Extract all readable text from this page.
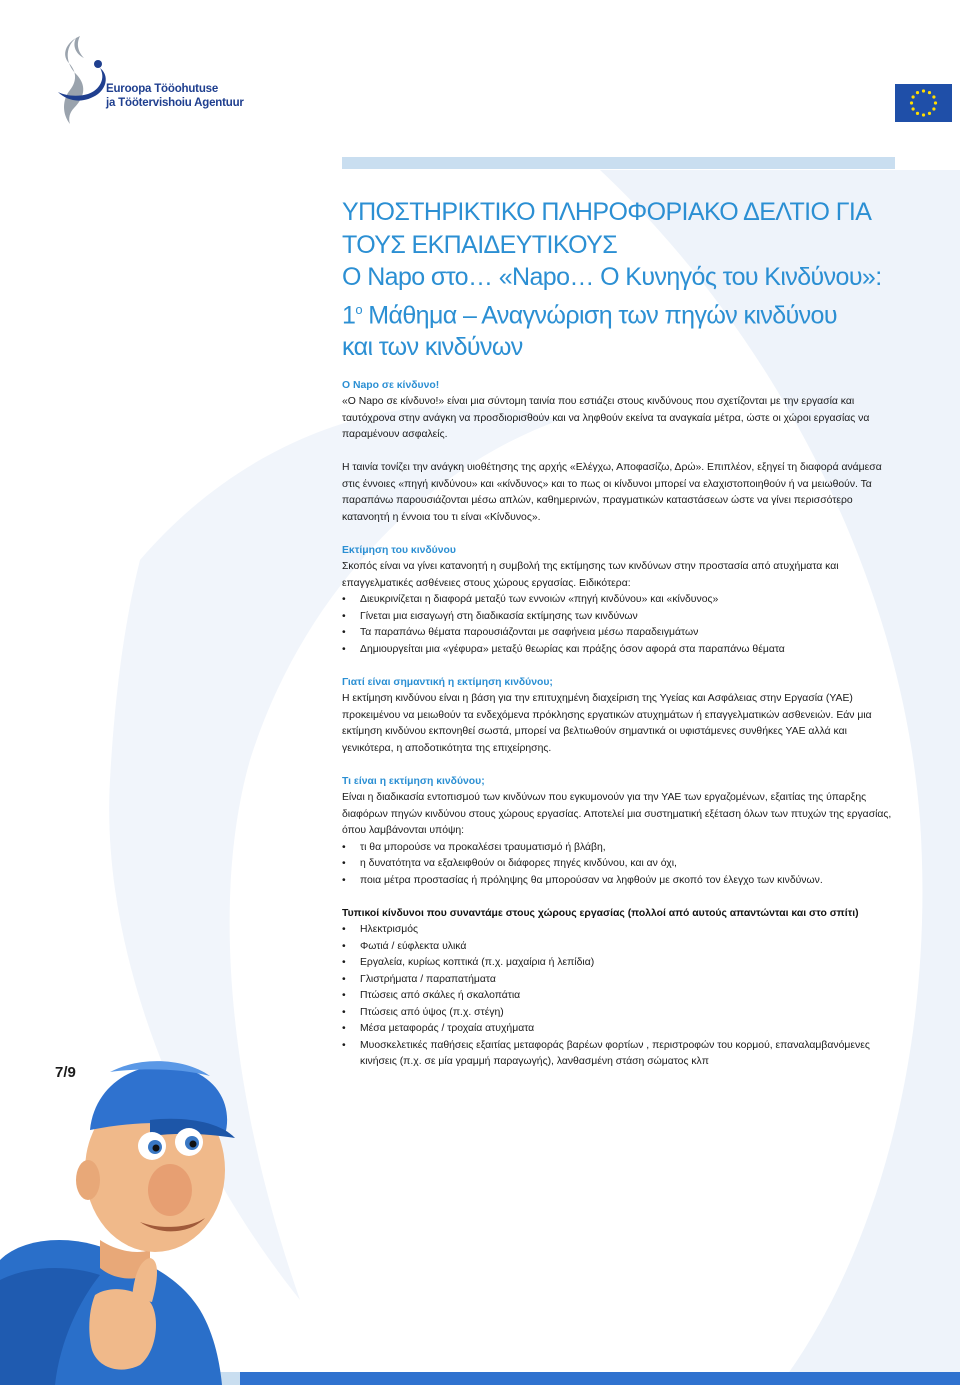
Euroopa Tööohutuse
ja Töötervishoiu Agentuur
ΥΠΟΣΤΗΡΙΚΤΙΚΟ ΠΛΗΡΟΦΟΡΙΑΚΟ ΔΕΛΤΙΟ ΓΙΑ
ΤΟΥΣ ΕΚΠΑΙΔΕΥΤΙΚΟΥΣ
Ο Napo στο… «Napo… Ο Κυνηγός του Κινδύνου»:
$1^o$ Μάθημα – Αναγνώριση των πηγών κινδύνου
και των κινδύνων

Ο Napo σε κίνδυνο!

«Ο Napo σε κίνδυνο!» είναι μια σύντομη ταινία που εστιάζει στους κινδύνους που σχετίζονται με την εργασία και ταυτόχρονα στην ανάγκη να προσδιορισθούν και να ληφθούν εκείνα τα αναγκαία μέτρα, ώστε οι χώροι εργασίας να παραμένουν ασφαλείς.

Η ταινία τονίζει την ανάγκη υιοθέτησης της αρχής «Ελέγχω, Αποφασίζω, Δρώ». Επιπλέον, εξηγεί τη διαφορά ανάμεσα στις έννοιες «πηγή κινδύνου» και «κίνδυνος» και το πως οι κίνδυνοι μπορεί να ελαχιστοποιηθούν ή να μειωθούν. Τα παραπάνω παρουσιάζονται μέσω απλών, καθημερινών, πραγματικών καταστάσεων ώστε να γίνει περισσότερο κατανοητή η έννοια του τι είναι «Κίνδυνος».

Εκτίμηση του κινδύνου

Σκοπός είναι να γίνει κατανοητή η συμβολή της εκτίμησης των κινδύνων στην προστασία από ατυχήματα και επαγγελματικές ασθένειες στους χώρους εργασίας. Ειδικότερα:

• Διευκρινίζεται η διαφορά μεταξύ των εννοιών «πηγή κινδύνου» και «κίνδυνος»
• Γίνεται μια εισαγωγή στη διαδικασία εκτίμησης των κινδύνων
• Τα παραπάνω θέματα παρουσιάζονται με σαφήνεια μέσω παραδειγμάτων
• Δημιουργείται μια «γέφυρα» μεταξύ θεωρίας και πράξης όσον αφορά στα παραπάνω θέματα

Γιατί είναι σημαντική η εκτίμηση κινδύνου;

Η εκτίμηση κινδύνου είναι η βάση για την επιτυχημένη διαχείριση της Υγείας και Ασφάλειας στην Εργασία (ΥΑΕ) προκειμένου να μειωθούν τα ενδεχόμενα πρόκλησης εργατικών ατυχημάτων ή επαγγελματικών ασθενειών. Εάν μια εκτίμηση κινδύνου εκπονηθεί σωστά, μπορεί να βελτιωθούν σημαντικά οι υφιστάμενες συνθήκες ΥΑΕ αλλά και γενικότερα, η αποδοτικότητα της επιχείρησης.

Τι είναι η εκτίμηση κινδύνου;

Είναι η διαδικασία εντοπισμού των κινδύνων που εγκυμονούν για την ΥΑΕ των εργαζομένων, εξαιτίας της ύπαρξης διαφόρων πηγών κινδύνου στους χώρους εργασίας. Αποτελεί μια συστηματική εξέταση όλων των πτυχών της εργασίας, όπου λαμβάνονται υπόψη:

• τι θα μπορούσε να προκαλέσει τραυματισμό ή βλάβη,
• η δυνατότητα να εξαλειφθούν οι διάφορες πηγές κινδύνου, και αν όχι,
• ποια μέτρα προστασίας ή πρόληψης θα μπορούσαν να ληφθούν με σκοπό τον έλεγχο των κινδύνων.

Τυπικοί κίνδυνοι που συναντάμε στους χώρους εργασίας (πολλοί από αυτούς απαντώνται και στο σπίτι)

• Ηλεκτρισμός
• Φωτιά / εύφλεκτα υλικά
• Εργαλεία, κυρίως κοπτικά (π.χ. μαχαίρια ή λεπίδια)
• Γλιστρήματα / παραπατήματα
• Πτώσεις από σκάλες ή σκαλοπάτια
• Πτώσεις από ύψος (π.χ. στέγη)
• Μέσα μεταφοράς / τροχαία ατυχήματα
• Μυοσκελετικές παθήσεις εξαιτίας μεταφοράς βαρέων φορτίων , περιστροφών του κορμού, επαναλαμβανόμενες κινήσεις (π.χ. σε μία γραμμή παραγωγής), λανθασμένη στάση σώματος κλπ
7/9
